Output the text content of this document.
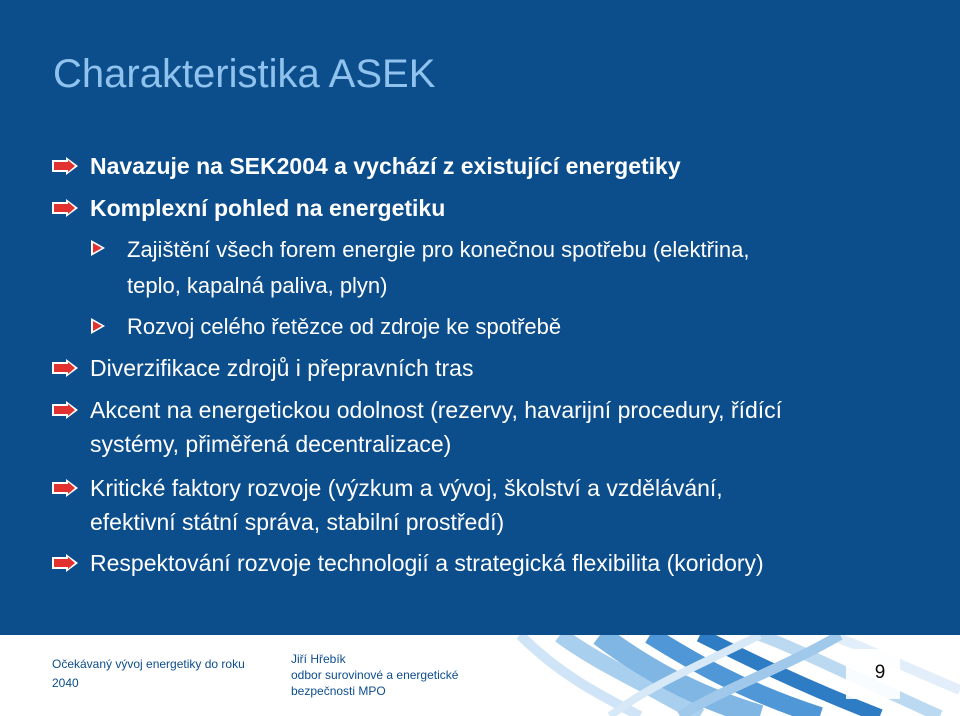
Charakteristika ASEK
Navazuje na SEK2004 a vychází z existující energetiky
Komplexní pohled na energetiku
Zajištění všech forem energie pro konečnou spotřebu (elektřina,
teplo, kapalná paliva, plyn)
Rozvoj celého řetězce od zdroje ke spotřebě
Diverzifikace zdrojů i přepravních tras
Akcent na energetickou odolnost (rezervy, havarijní procedury, řídící
systémy, přiměřená decentralizace)
Kritické faktory rozvoje (výzkum a vývoj, školství a vzdělávání,
efektivní státní správa, stabilní prostředí)
Respektování rozvoje technologií a strategická flexibilita (koridory)
Očekávaný vývoj energetiky do roku
2040
Jiří Hřebík
odbor surovinové a energetické
bezpečnosti MPO
9
